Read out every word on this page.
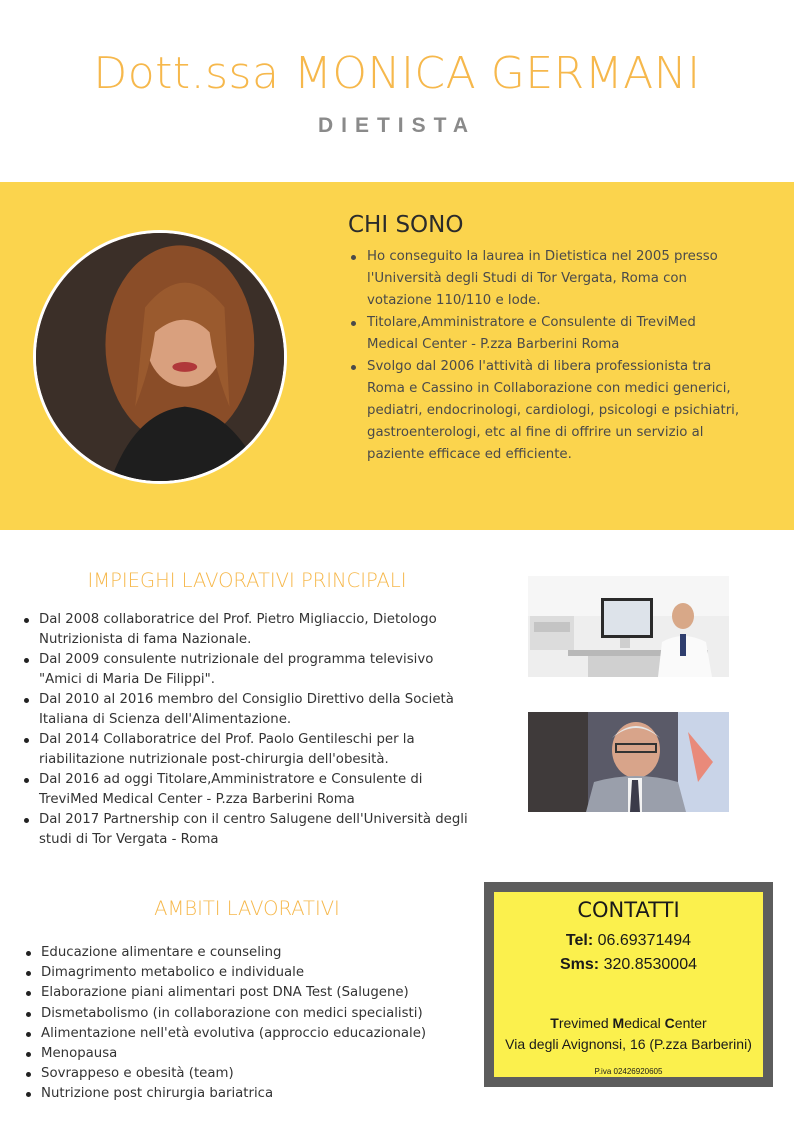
Dott.ssa MONICA GERMANI
DIETISTA
CHI SONO
Ho conseguito la laurea in Dietistica nel 2005 presso l'Università degli Studi di Tor Vergata, Roma con votazione 110/110 e lode.
Titolare,Amministratore e Consulente di TreviMed Medical Center - P.zza Barberini Roma
Svolgo dal 2006 l'attività di libera professionista tra Roma e Cassino in Collaborazione con medici generici, pediatri, endocrinologi, cardiologi, psicologi e psichiatri, gastroenterologi, etc al fine di offrire un servizio al paziente efficace ed efficiente.
IMPIEGHI LAVORATIVI PRINCIPALI
Dal 2008 collaboratrice del Prof. Pietro Migliaccio, Dietologo Nutrizionista di fama Nazionale.
Dal 2009 consulente nutrizionale del programma televisivo "Amici di Maria De Filippi".
Dal 2010 al 2016 membro del Consiglio Direttivo della Società Italiana di Scienza dell'Alimentazione.
Dal 2014 Collaboratrice del Prof. Paolo Gentileschi per la riabilitazione nutrizionale post-chirurgia dell'obesità.
Dal 2016 ad oggi Titolare,Amministratore e Consulente di TreviMed Medical Center - P.zza Barberini Roma
Dal 2017 Partnership con il centro Salugene dell'Università degli studi di Tor Vergata - Roma
AMBITI LAVORATIVI
Educazione alimentare e counseling
Dimagrimento metabolico e individuale
Elaborazione piani alimentari post DNA Test (Salugene)
Dismetabolismo (in collaborazione con medici specialisti)
Alimentazione nell'età evolutiva (approccio educazionale)
Menopausa
Sovrappeso e obesità (team)
Nutrizione post chirurgia bariatrica
CONTATTI
Tel: 06.69371494
Sms: 320.8530004
Trevimed Medical Center
Via degli Avignonsi, 16 (P.zza Barberini)
P.iva 02426920605
